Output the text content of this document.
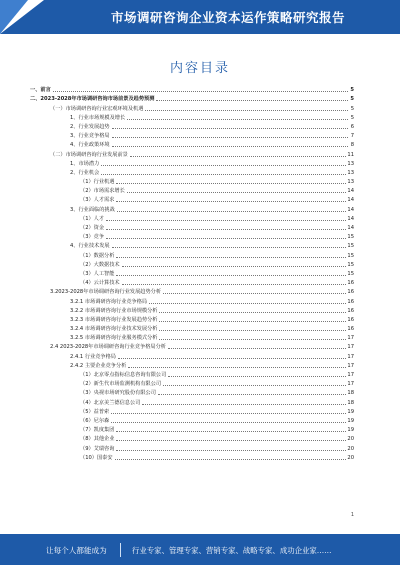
市场调研咨询企业资本运作策略研究报告
内容目录
一、前言	5
二、2023-2028年市场调研咨询市场前景及趋势预测	5
（一）市场调研咨询行业宏观环境及机遇	5
1、行业市场规模及增长	5
2、行业发展趋势	6
3、行业竞争格局	7
4、行业政策环境	8
（二）市场调研咨询行业发展前景	11
1、市场潜力	13
2、行业机会	13
（1）行业机遇	13
（2）市场需求增长	14
（3）人才需求	14
3、行业面临的挑战	14
（1）人才	14
（2）资金	14
（3）竞争	15
4、行业技术发展	15
（1）数据分析	15
（2）大数据技术	15
（3）人工智能	15
（4）云计算技术	16
3.2023-2028年市场调研咨询行业发展趋势分析	16
3.2.1 市场调研咨询行业竞争格局	16
3.2.2 市场调研咨询行业市场规模分析	16
3.2.3 市场调研咨询行业发展趋势分析	16
3.2.4 市场调研咨询行业技术发展分析	16
3.2.5 市场调研咨询行业服务模式分析	17
2.4 2023-2028年市场调研咨询行业竞争格局分析	17
2.4.1 行业竞争格局	17
2.4.2 主要企业竞争分析	17
（1）北京零点指标信息咨询有限公司	17
（2）新生代市场监测机构有限公司	17
（3）央视市场研究股份有限公司	18
（4）北京美兰德信息公司	18
（5）益普索	19
（6）尼尔森	19
（7）凯度集团	19
（8）其他企业	20
（9）艾瑞咨询	20
（10）国泰安	20
1
让每个人都能成为	行业专家、管理专家、营销专家、战略专家、成功企业家……
